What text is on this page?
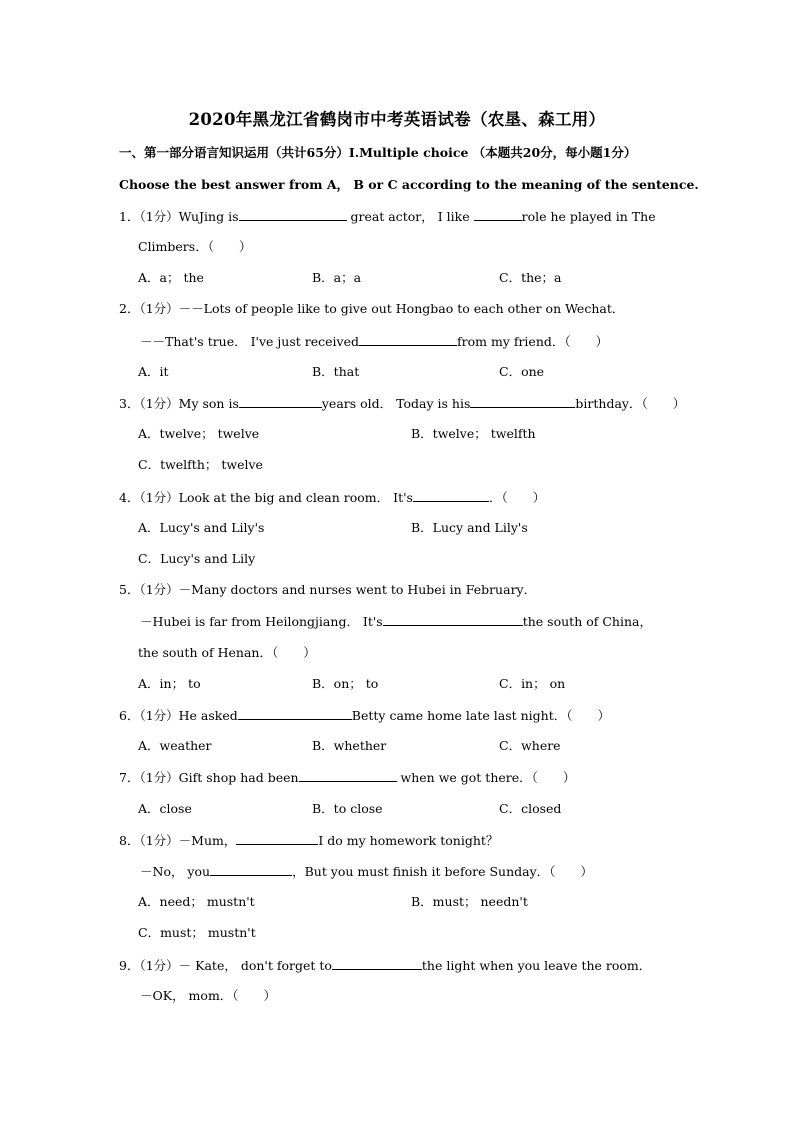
2020年黑龙江省鹤岗市中考英语试卷（农垦、森工用）
一、第一部分语言知识运用（共计65分）I.Multiple choice （本题共20分，每小题1分）
Choose the best answer from A， B or C according to the meaning of the sentence.
1．（1分）WuJing is	great actor， I like	role he played in The
Climbers．（　　）
A．a； the	B．a；a	C．the；a
2．（1分）－－Lots of people like to give out Hongbao to each other on Wechat．
－－That's true． I've just received	from my friend．（　　）
A．it	B．that	C．one
3．（1分）My son is	years old． Today is his	birthday．（　　）
A．twelve； twelve	B．twelve； twelfth
C．twelfth； twelve
4．（1分）Look at the big and clean room． It's	．（　　）
A．Lucy's and Lily's	B．Lucy and Lily's
C．Lucy's and Lily
5．（1分）－Many doctors and nurses went to Hubei in February．
－Hubei is far from Heilongjiang． It's	the south of China，
the south of Henan．（　　）
A．in； to	B．on； to	C．in； on
6．（1分）He asked	Betty came home late last night．（　　）
A．weather	B．whether	C．where
7．（1分）Gift shop had been	when we got there．（　　）
A．close	B．to close	C．closed
8．（1分）－Mum，	I do my homework tonight？
－No， you	，But you must finish it before Sunday．（　　）
A．need； mustn't	B．must； needn't
C．must； mustn't
9．（1分）－ Kate， don't forget to	the light when you leave the room．
－OK， mom．（　　）
